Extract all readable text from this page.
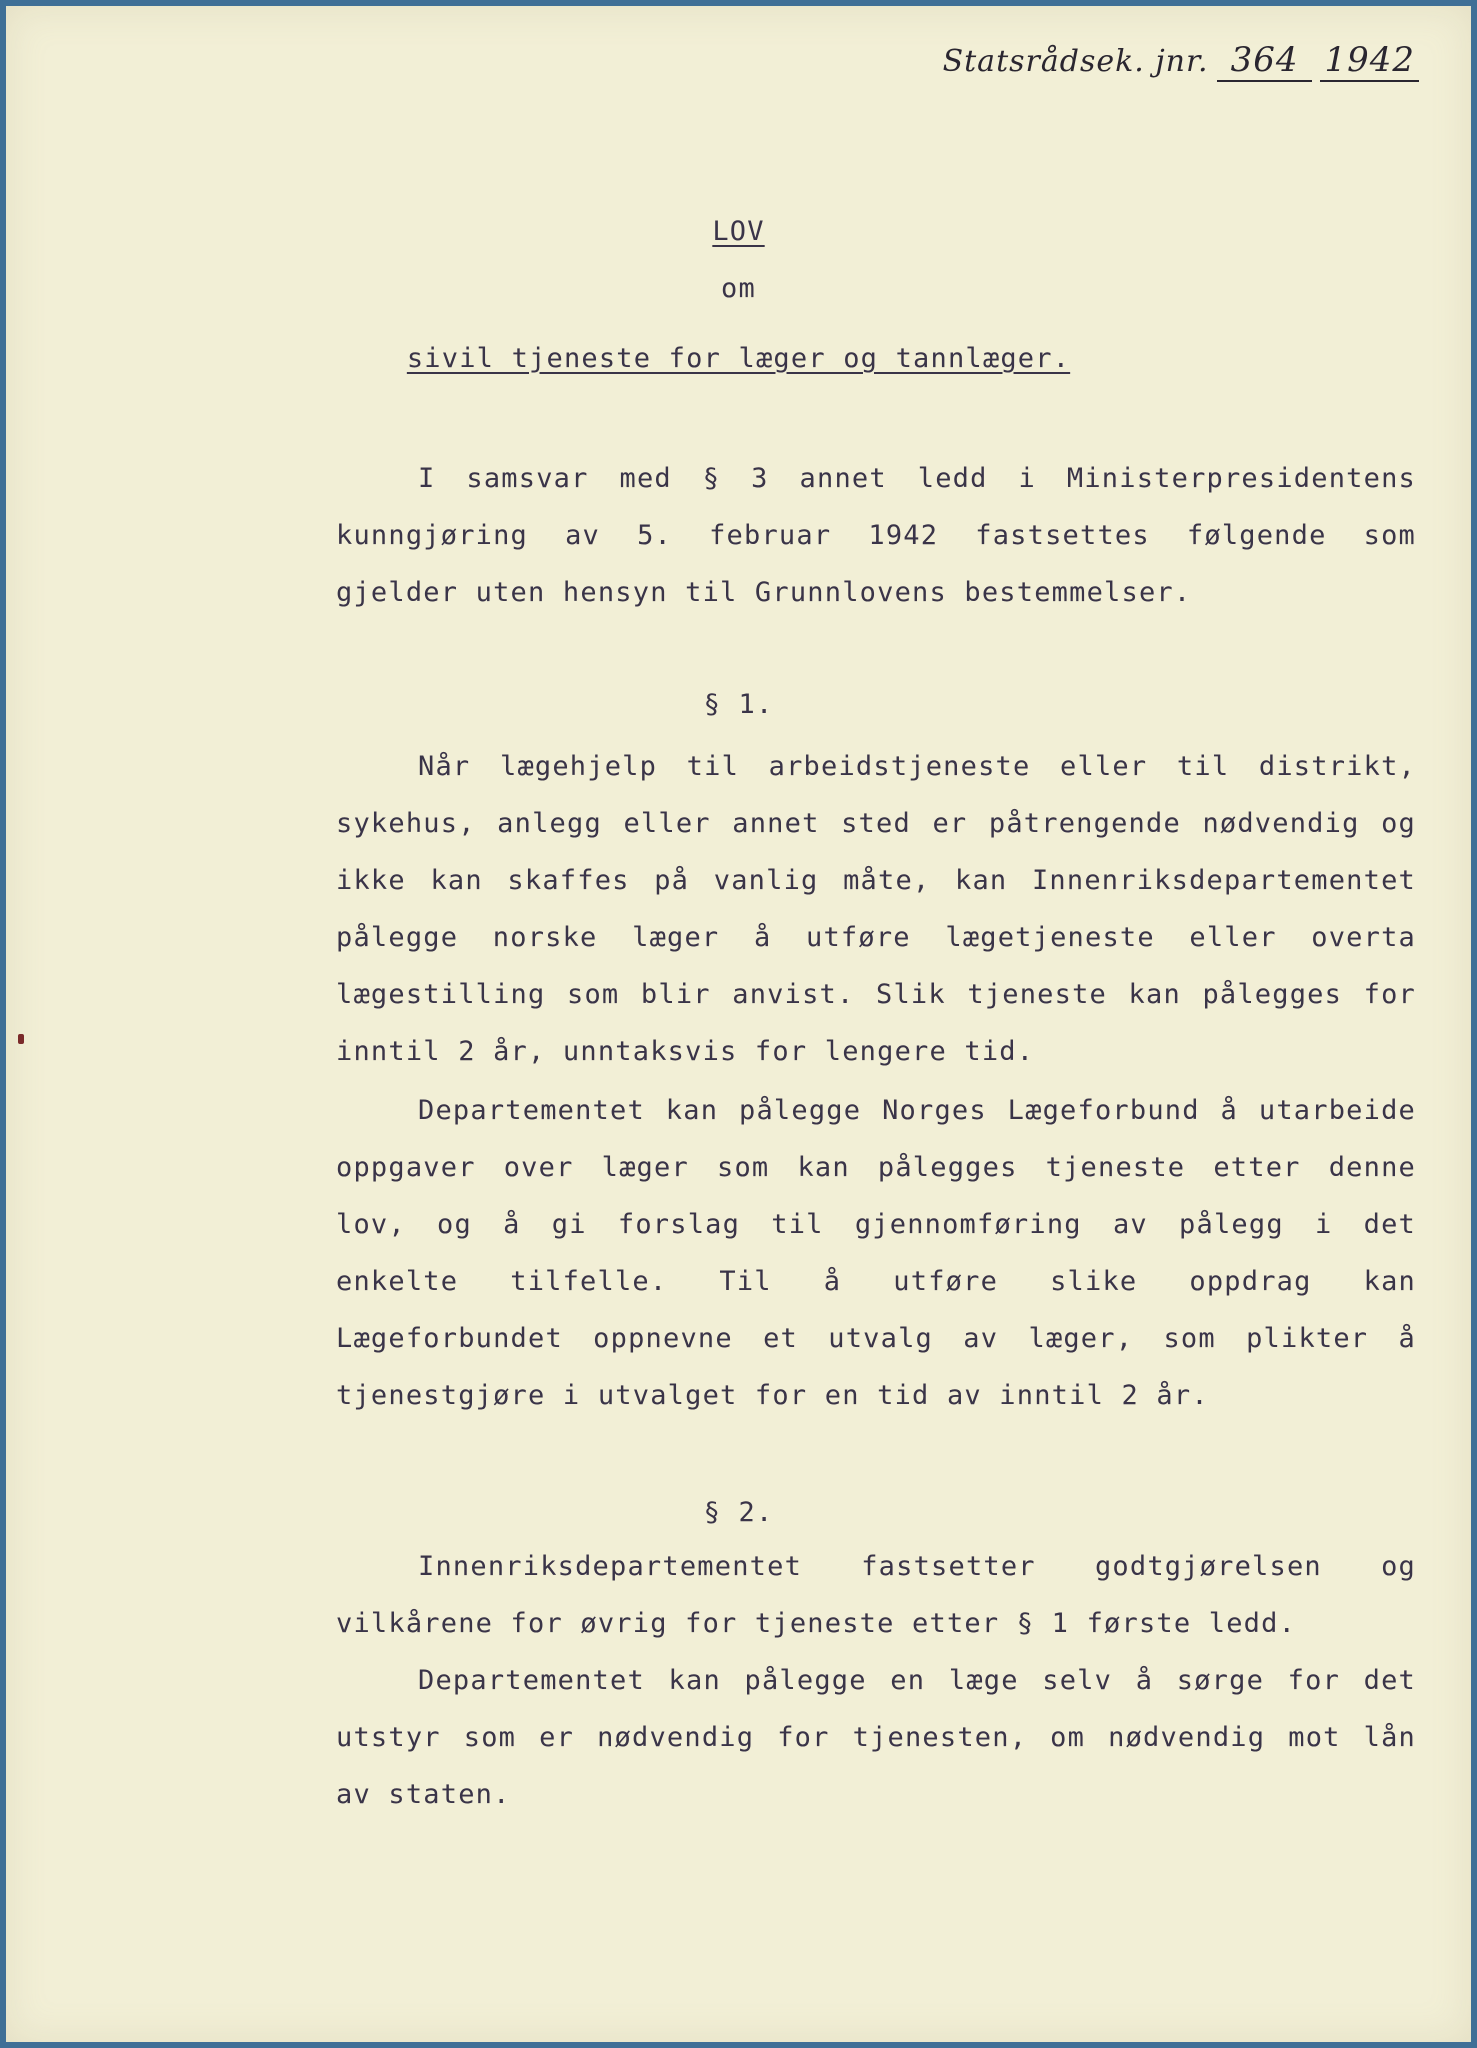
Statsrådsek. jnr. 364 1942
LOV
om
sivil tjeneste for læger og tannlæger.
I samsvar med § 3 annet ledd i Ministerpresidentens kunngjøring av 5. februar 1942 fastsettes følgende som gjelder uten hensyn til Grunnlovens bestemmelser.
§ 1.
Når lægehjelp til arbeidstjeneste eller til distrikt, sykehus, anlegg eller annet sted er påtrengende nødvendig og ikke kan skaffes på vanlig måte, kan Innenriksdepartementet pålegge norske læger å utføre lægetjeneste eller overta lægestilling som blir anvist. Slik tjeneste kan pålegges for inntil 2 år, unntaksvis for lengere tid.
Departementet kan pålegge Norges Lægeforbund å utarbeide oppgaver over læger som kan pålegges tjeneste etter denne lov, og å gi forslag til gjennomføring av pålegg i det enkelte tilfelle. Til å utføre slike oppdrag kan Lægeforbundet oppnevne et utvalg av læger, som plikter å tjenestgjøre i utvalget for en tid av inntil 2 år.
§ 2.
Innenriksdepartementet fastsetter godtgjørelsen og vilkårene for øvrig for tjeneste etter § 1 første ledd.
Departementet kan pålegge en læge selv å sørge for det utstyr som er nødvendig for tjenesten, om nødvendig mot lån av staten.
